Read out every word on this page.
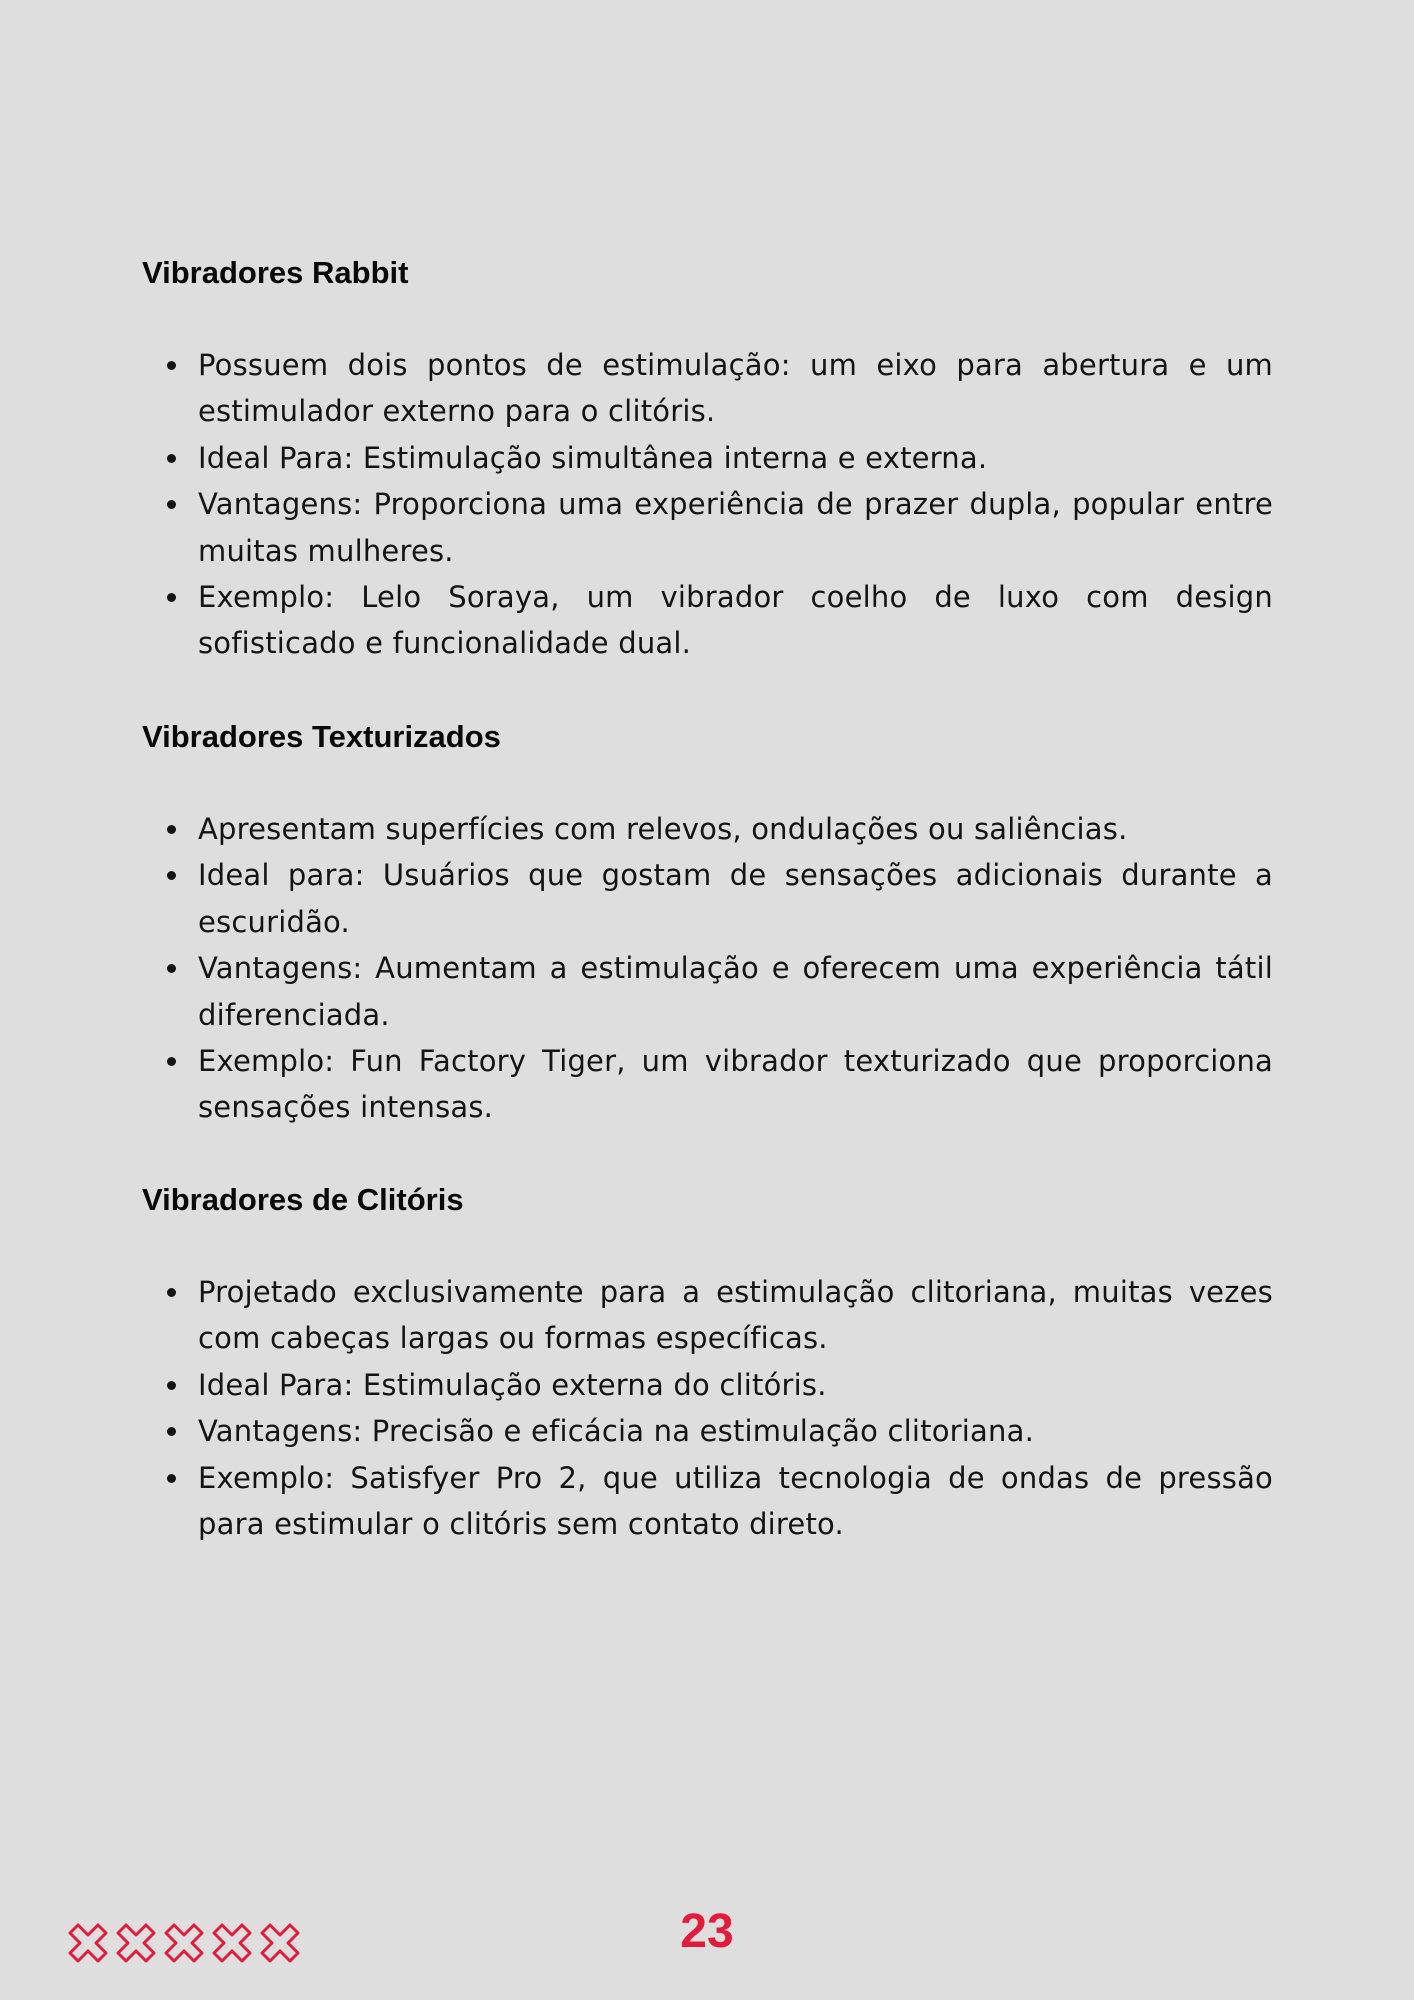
Vibradores Rabbit
Possuem dois pontos de estimulação: um eixo para abertura e um estimulador externo para o clitóris.
Ideal Para: Estimulação simultânea interna e externa.
Vantagens: Proporciona uma experiência de prazer dupla, popular entre muitas mulheres.
Exemplo: Lelo Soraya, um vibrador coelho de luxo com design sofisticado e funcionalidade dual.
Vibradores Texturizados
Apresentam superfícies com relevos, ondulações ou saliências.
Ideal para: Usuários que gostam de sensações adicionais durante a escuridão.
Vantagens: Aumentam a estimulação e oferecem uma experiência tátil diferenciada.
Exemplo: Fun Factory Tiger, um vibrador texturizado que proporciona sensações intensas.
Vibradores de Clitóris
Projetado exclusivamente para a estimulação clitoriana, muitas vezes com cabeças largas ou formas específicas.
Ideal Para: Estimulação externa do clitóris.
Vantagens: Precisão e eficácia na estimulação clitoriana.
Exemplo: Satisfyer Pro 2, que utiliza tecnologia de ondas de pressão para estimular o clitóris sem contato direto.
23
